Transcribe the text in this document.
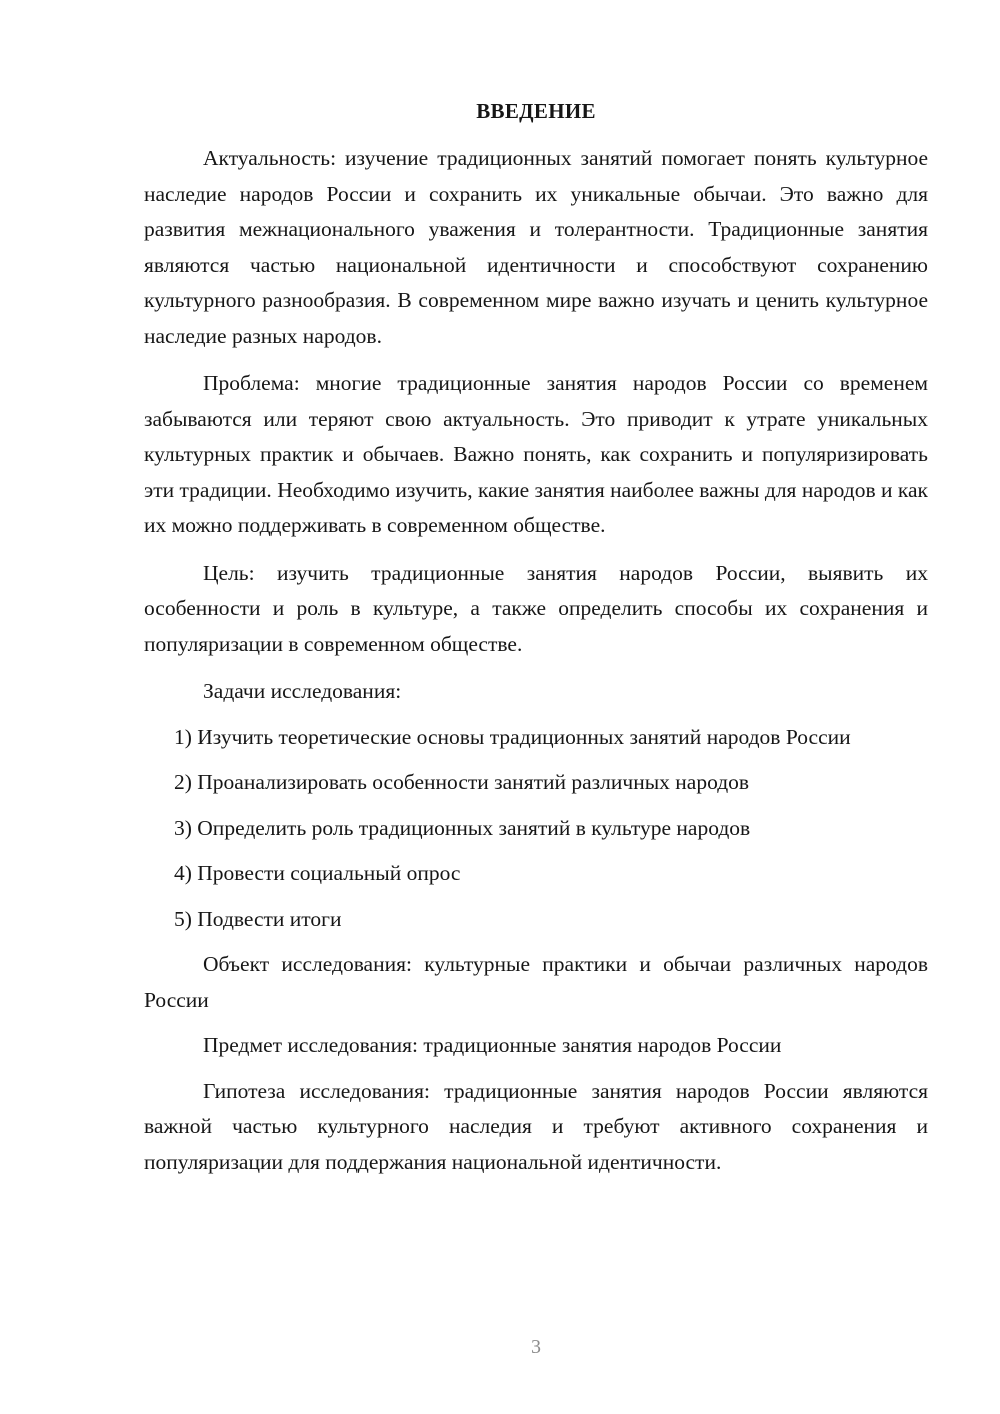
ВВЕДЕНИЕ

Актуальность: изучение традиционных занятий помогает понять культурное наследие народов России и сохранить их уникальные обычаи. Это важно для развития межнационального уважения и толерантности. Традиционные занятия являются частью национальной идентичности и способствуют сохранению культурного разнообразия. В современном мире важно изучать и ценить культурное наследие разных народов.

Проблема: многие традиционные занятия народов России со временем забываются или теряют свою актуальность. Это приводит к утрате уникальных культурных практик и обычаев. Важно понять, как сохранить и популяризировать эти традиции. Необходимо изучить, какие занятия наиболее важны для народов и как их можно поддерживать в современном обществе.

Цель: изучить традиционные занятия народов России, выявить их особенности и роль в культуре, а также определить способы их сохранения и популяризации в современном обществе.

Задачи исследования:

1) Изучить теоретические основы традиционных занятий народов России

2) Проанализировать особенности занятий различных народов

3) Определить роль традиционных занятий в культуре народов

4) Провести социальный опрос

5) Подвести итоги

Объект исследования: культурные практики и обычаи различных народов России

Предмет исследования: традиционные занятия народов России

Гипотеза исследования: традиционные занятия народов России являются важной частью культурного наследия и требуют активного сохранения и популяризации для поддержания национальной идентичности.

3
